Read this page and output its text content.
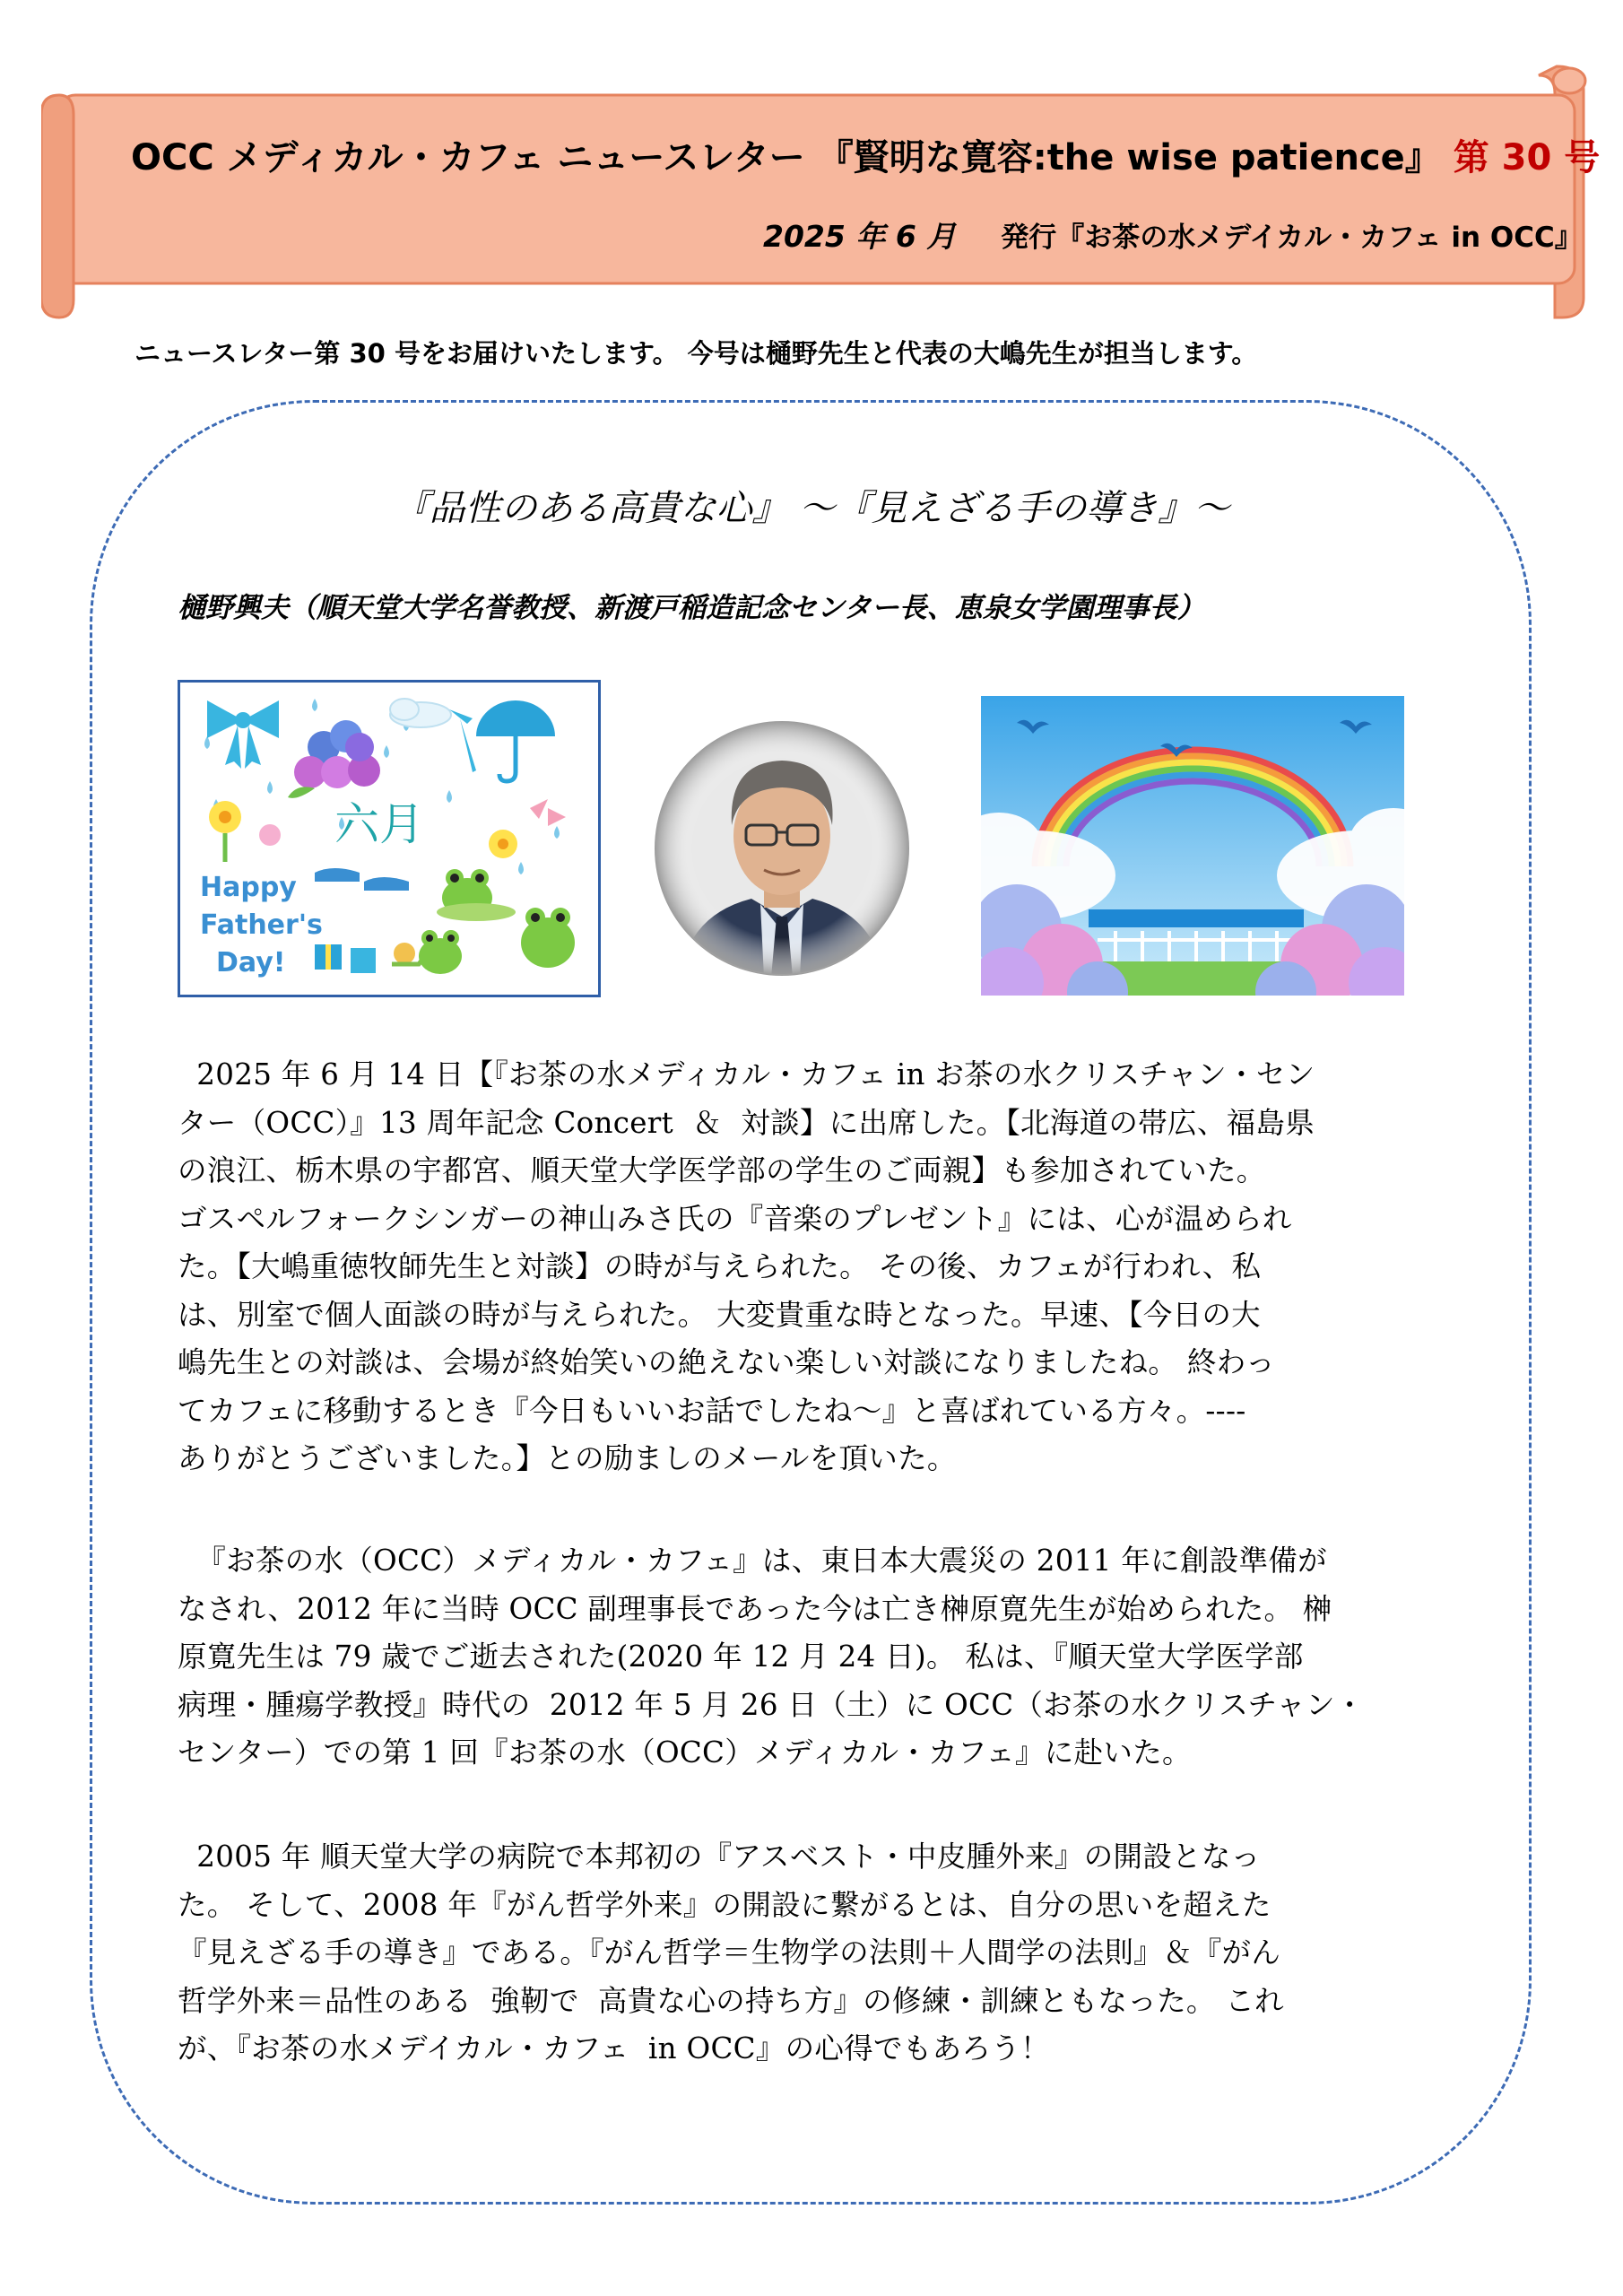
OCC メディカル・カフェ ニュースレター 『賢明な寛容:the wise patience』 第 30 号
2025 年 6 月 発行『お茶の水メデイカル・カフェ in OCC』
ニュースレター第 30 号をお届けいたします。 今号は樋野先生と代表の大嶋先生が担当します。
『品性のある高貴な心』 〜『見えざる手の導き』〜
樋野興夫（順天堂大学名誉教授、新渡戸稲造記念センター長、恵泉女学園理事長）
六月
Happy
Father's
Day!
2025 年 6 月 14 日【『お茶の水メディカル・カフェ in お茶の水クリスチャン・セン
ター（OCC）』13 周年記念 Concert  ＆  対談】に出席した。【北海道の帯広、福島県
の浪江、栃木県の宇都宮、順天堂大学医学部の学生のご両親】も参加されていた。
ゴスペルフォークシンガーの神山みさ氏の『音楽のプレゼント』には、心が温められ
た。【大嶋重徳牧師先生と対談】の時が与えられた。 その後、カフェが行われ、私
は、別室で個人面談の時が与えられた。 大変貴重な時となった。早速、【今日の大
嶋先生との対談は、会場が終始笑いの絶えない楽しい対談になりましたね。 終わっ
てカフェに移動するとき『今日もいいお話でしたね〜』と喜ばれている方々。----
ありがとうございました。】との励ましのメールを頂いた。
『お茶の水（OCC）メディカル・カフェ』は、東日本大震災の 2011 年に創設準備が
なされ、2012 年に当時 OCC 副理事長であった今は亡き榊原寛先生が始められた。 榊
原寛先生は 79 歳でご逝去された(2020 年 12 月 24 日)。 私は、『順天堂大学医学部
病理・腫瘍学教授』時代の  2012 年 5 月 26 日（土）に OCC（お茶の水クリスチャン・
センター）での第 1 回『お茶の水（OCC）メディカル・カフェ』に赴いた。
2005 年 順天堂大学の病院で本邦初の『アスベスト・中皮腫外来』の開設となっ
た。 そして、2008 年『がん哲学外来』の開設に繋がるとは、自分の思いを超えた
『見えざる手の導き』である。『がん哲学＝生物学の法則＋人間学の法則』＆『がん
哲学外来＝品性のある  強靭で  高貴な心の持ち方』の修練・訓練ともなった。 これ
が、『お茶の水メデイカル・カフェ  in OCC』の心得でもあろう！
